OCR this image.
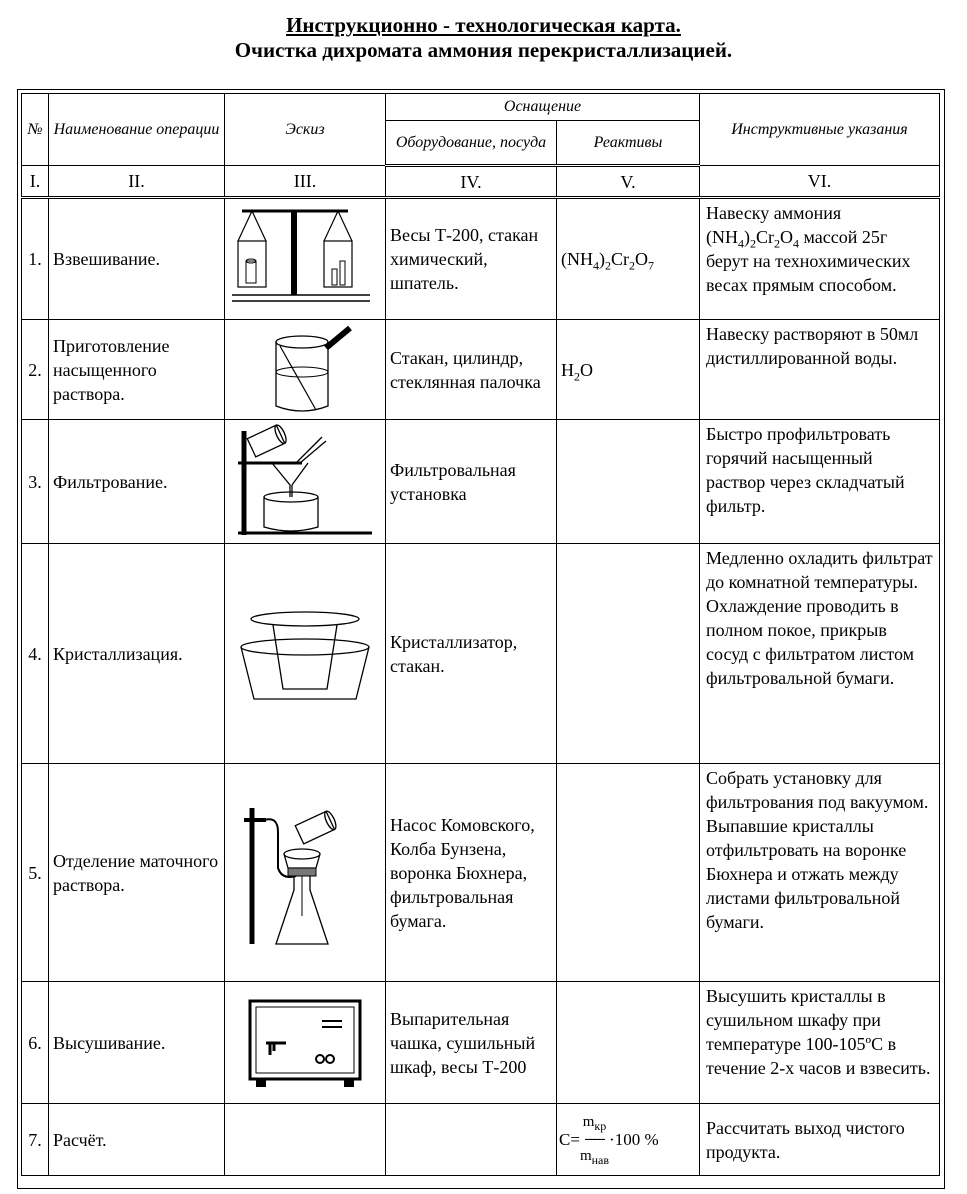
Инструкционно - технологическая карта.
Очистка дихромата аммония перекристаллизацией.
№	Наименование операции	Эскиз	Оснащение		Инструктивные указания
			Оборудование, посуда	Реактивы	
I.	II.	III.	IV.	V.	VI.
1.	Взвешивание.		Весы Т-200, стакан химический, шпатель.	$(NH_4)_2Cr_2O_7$	Навеску аммония $(NH_4)_2Cr_2O_4$ массой 25г берут на технохимических весах прямым способом.
2.	Приготовление насыщенного раствора.		Стакан, цилиндр, стеклянная палочка	$H_2O$	Навеску растворяют в 50мл дистиллированной воды.
3.	Фильтрование.		Фильтровальная установка		Быстро профильтровать горячий насыщенный раствор через складчатый фильтр.
4.	Кристаллизация.		Кристаллизатор, стакан.		Медленно охладить фильтрат до комнатной температуры. Охлаждение проводить в полном покое, прикрыв сосуд с фильтратом листом фильтровальной бумаги.
5.	Отделение маточного раствора.		Насос Комовского, Колба Бунзена, воронка Бюхнера, фильтровальная бумага.		Собрать установку для фильтрования под вакуумом. Выпавшие кристаллы отфильтровать на воронке Бюхнера и отжать между листами фильтровальной бумаги.
6.	Высушивание.		Выпарительная чашка, сушильный шкаф, весы Т-200		Высушить кристаллы в сушильном шкафу при температуре 100-105ºC в течение 2-х часов и взвесить.
7.	Расчёт.			C=
$m_{кр}$
-----
$m_{нав}$
·100 %	Рассчитать выход чистого продукта.
